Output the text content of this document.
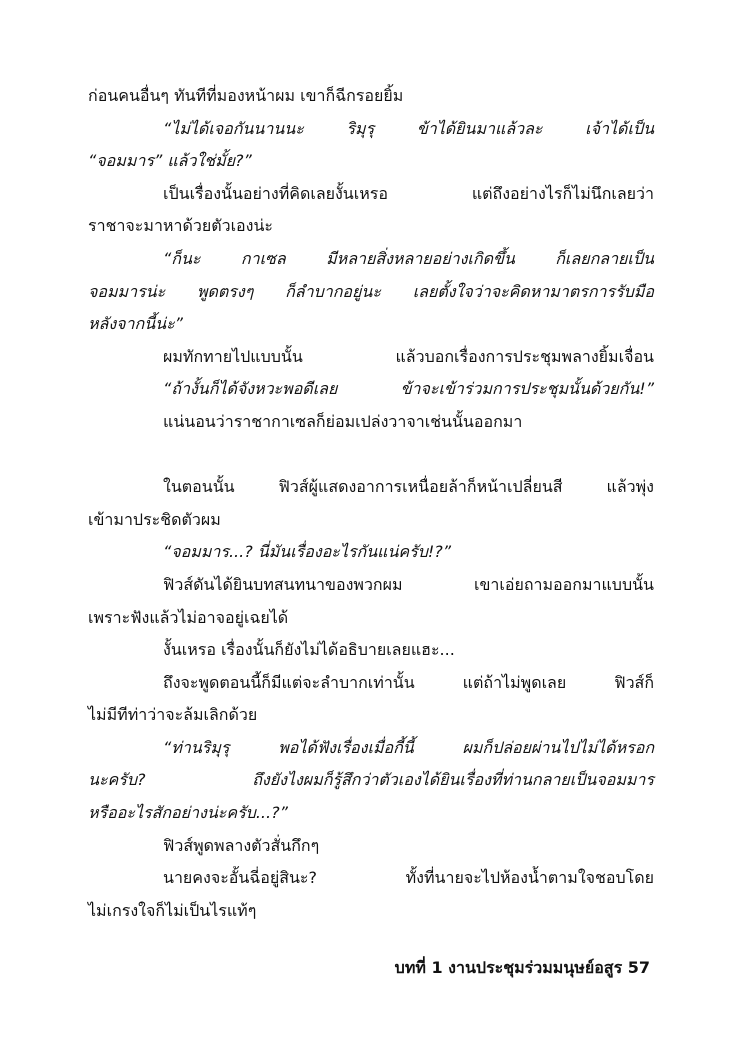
ก่อนคนอื่นๆ ทันทีที่มองหน้าผม เขาก็ฉีกรอยยิ้ม
“ไม่ได้เจอกันนานนะ ริมุรุ ข้าได้ยินมาแล้วละ เจ้าได้เป็น
“จอมมาร” แล้วใช่มั้ย?”
เป็นเรื่องนั้นอย่างที่คิดเลยงั้นเหรอ แต่ถึงอย่างไรก็ไม่นึกเลยว่า
ราชาจะมาหาด้วยตัวเองน่ะ
“ก็นะ กาเซล มีหลายสิ่งหลายอย่างเกิดขึ้น ก็เลยกลายเป็น
จอมมารน่ะ พูดตรงๆ ก็ลำบากอยู่นะ เลยตั้งใจว่าจะคิดหามาตรการรับมือ
หลังจากนี้น่ะ”
ผมทักทายไปแบบนั้น แล้วบอกเรื่องการประชุมพลางยิ้มเจื่อน
“ถ้างั้นก็ได้จังหวะพอดีเลย ข้าจะเข้าร่วมการประชุมนั้นด้วยกัน!”
แน่นอนว่าราชากาเซลก็ย่อมเปล่งวาจาเช่นนั้นออกมา
ในตอนนั้น ฟิวส์ผู้แสดงอาการเหนื่อยล้าก็หน้าเปลี่ยนสี แล้วพุ่ง
เข้ามาประชิดตัวผม
“จอมมาร...? นี่มันเรื่องอะไรกันแน่ครับ!?”
ฟิวส์ดันได้ยินบทสนทนาของพวกผม เขาเอ่ยถามออกมาแบบนั้น
เพราะฟังแล้วไม่อาจอยู่เฉยได้
งั้นเหรอ เรื่องนั้นก็ยังไม่ได้อธิบายเลยแฮะ...
ถึงจะพูดตอนนี้ก็มีแต่จะลำบากเท่านั้น แต่ถ้าไม่พูดเลย ฟิวส์ก็
ไม่มีทีท่าว่าจะล้มเลิกด้วย
“ท่านริมุรุ พอได้ฟังเรื่องเมื่อกี้นี้ ผมก็ปล่อยผ่านไปไม่ได้หรอก
นะครับ? ถึงยังไงผมก็รู้สึกว่าตัวเองได้ยินเรื่องที่ท่านกลายเป็นจอมมาร
หรืออะไรสักอย่างน่ะครับ...?”
ฟิวส์พูดพลางตัวสั่นกึกๆ
นายคงจะอั้นฉี่อยู่สินะ? ทั้งที่นายจะไปห้องน้ำตามใจชอบโดย
ไม่เกรงใจก็ไม่เป็นไรแท้ๆ
บทที่ 1 งานประชุมร่วมมนุษย์อสูร 57
